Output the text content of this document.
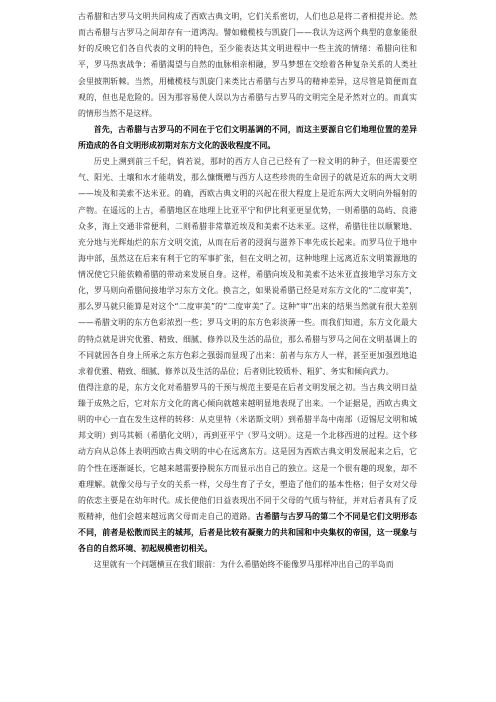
古希腊和古罗马文明共同构成了西欧古典文明，它们关系密切，人们也总是将二者相提并论。然而古希腊与古罗马之间却存有一道鸿沟。譬如橄榄枝与凯旋门——我认为这两个典型的意象能很好的反映它们各自代表的文明的特色，至少能表达其文明进程中一些主流的情绪：希腊向往和平，罗马热衷战争；希腊渴望与自然的血脉相亲相融，罗马梦想在交绘着各种复杂关系的人类社会里披荆斩棘。当然，用橄榄枝与凯旋门来类比古希腊与古罗马的精神差异，这尽管是简便而直观的，但也是危险的。因为那容易使人误以为古希腊与古罗马的文明完全是矛然对立的。而真实的情形当然不是这样。

首先，古希腊与古罗马的不同在于它们文明基调的不同，而这主要源自它们地理位置的差异所造成的各自文明形成初期对东方文化的汲收程度不同。

历史上溯到前三千纪，倘若说，那时的西方人自己已经有了一粒文明的种子，但还需要空气、阳光、土壤和水才能萌发，那么慷慨赠与西方人这些珍贵的生命因子的就是近东的两大文明——埃及和美索不达米亚。的确，西欧古典文明的兴起在很大程度上是近东两大文明向外辐射的产物。在遥远的上古，希腊地区在地理上比亚平宁和伊比利亚更显优势，一则希腊的岛屿、良港众多，海上交通非常便利，二则希腊非常靠近埃及和美索不达米亚。这样，希腊往往以顺繁地、充分地与光辉灿烂的东方文明交流，从而在后者的浸润与滋养下率先成长起来。而罗马位于地中海中部，虽然这在后来有利于它的军事扩张，但在文明之初，这种地理上远离近东文明策源地的情况使它只能依赖希腊的带动来发展自身。这样，希腊向埃及和美索不达米亚直接地学习东方文化，罗马则向希腊间接地学习东方文化。换言之，如果说希腊已经是对东方文化的“二度审美”，那么罗马就只能算是对这个“二度审美”的“二度审美”了。这种“审”出来的结果当然就有很大差别——希腊文明的东方色彩浓烈一些；罗马文明的东方色彩淡薄一些。而我们知道，东方文化最大的特点就是讲究优雅、精致、细腻、修养以及生活的品位，那么希腊与罗马之间在文明基调上的不同就因各自身上所承之东方色彩之强弱而显现了出来：前者与东方人一样，甚至更加强烈地追求着优雅、精致、细腻、修养以及生活的品位；后者则比较质朴、粗犷、务实和倾向武力。

值得注意的是，东方文化对希腊罗马的干预与规范主要是在后者文明发展之初。当古典文明日益臻于成熟之后，它对东方文化的离心倾向就越来越明显地表现了出来。一个证据是，西欧古典文明的中心一直在发生这样的转移：从克里特（米诺斯文明）到希腊半岛中南部（迈锡尼文明和城邦文明）到马其顿（希腊化文明），再到亚平宁（罗马文明）。这是一个北移西进的过程。这个移动方向从总体上表明西欧古典文明的中心在远离东方。这是因为西欧古典文明发展起来之后，它的个性在逐渐诞长，它越来越需要挣脱东方而显示出自己的独立。这是一个很有趣的现象，却不难理解。就像父母与子女的关系一样，父母生育了子女，塑造了他们的基本性格；但子女对父母的依恋主要是在幼年时代。成长使他们日益表现出不同于父母的气质与特征，并对后者具有了反叛精神，他们会越来越远离父母而走自己的道路。古希腊与古罗马的第二个不同是它们文明形态不同，前者是松散而民主的城邦，后者是比较有凝聚力的共和国和中央集权的帝国，这一现象与各自的自然环境、初起规模密切相关。

这里就有一个问题横亘在我们眼前：为什么希腊始终不能像罗马那样冲出自己的半岛而
